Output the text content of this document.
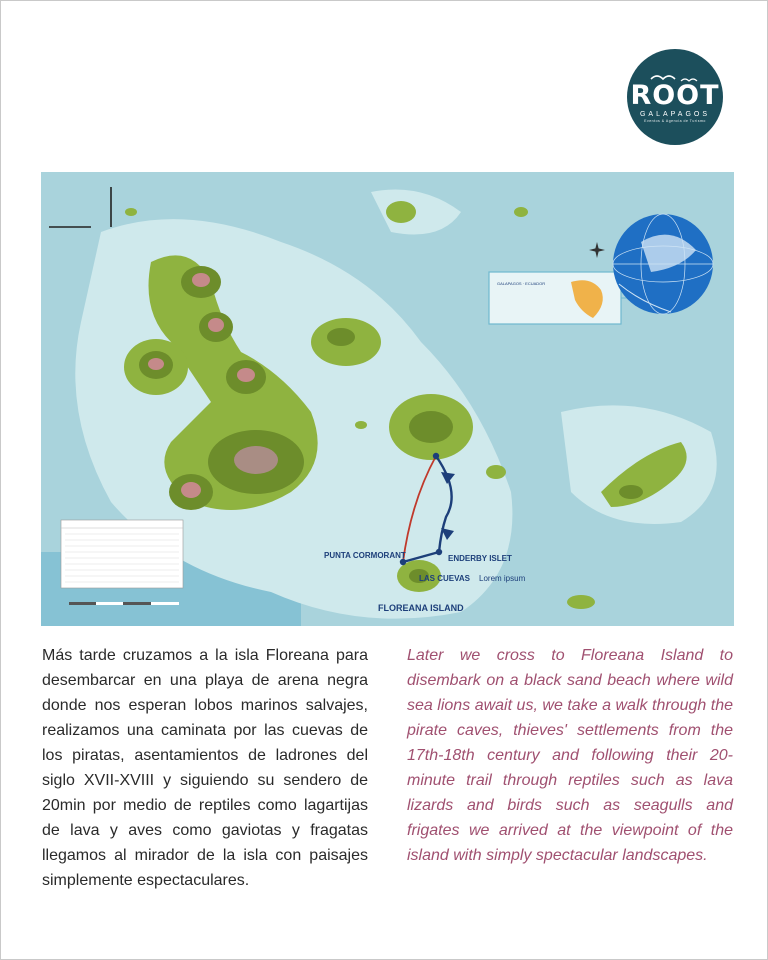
ROOT
GALAPAGOS
Eventos & Agencia de Turismo
PUNTA CORMORANT	ENDERBY ISLET
LAS CUEVAS Lorem ipsum
FLOREANA ISLAND
GALAPAGOS · ECUADOR
Más tarde cruzamos a la isla Floreana para desembarcar en una playa de arena negra donde nos esperan lobos marinos salvajes, realizamos una caminata por las cuevas de los piratas, asentamientos de ladrones del siglo XVII-XVIII y siguiendo su sendero de 20min por medio de reptiles como lagartijas de lava y aves como gaviotas y fragatas llegamos al mirador de la isla con paisajes simplemente espectaculares.
Later we cross to Floreana Island to disembark on a black sand beach where wild sea lions await us, we take a walk through the pirate caves, thieves' settlements from the 17th-18th century and following their 20-minute trail through reptiles such as lava lizards and birds such as seagulls and frigates we arrived at the viewpoint of the island with simply spectacular landscapes.
